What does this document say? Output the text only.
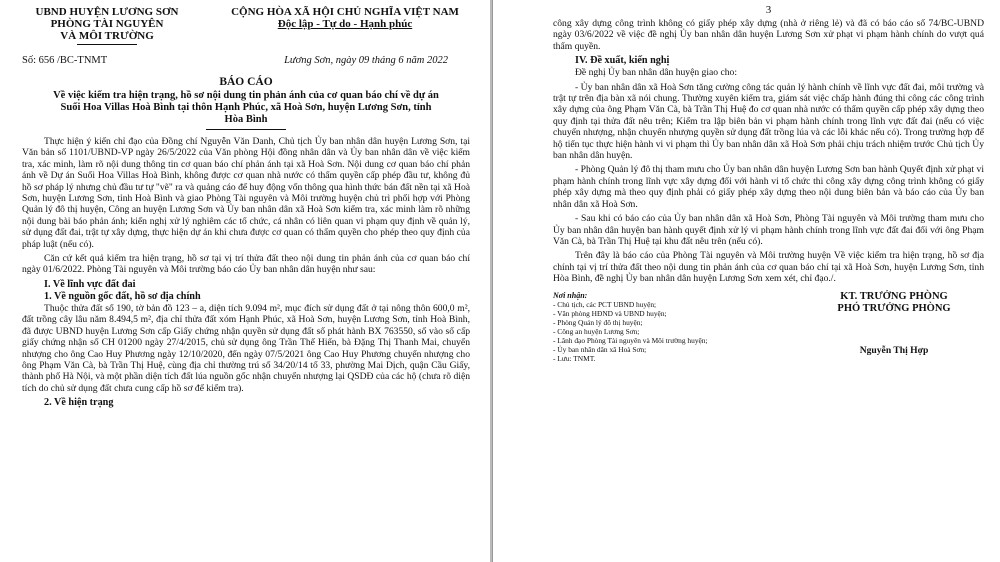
UBND HUYỆN LƯƠNG SƠN
PHÒNG TÀI NGUYÊN
VÀ MÔI TRƯỜNG
CỘNG HÒA XÃ HỘI CHỦ NGHĨA VIỆT NAM
Độc lập - Tự do - Hạnh phúc
Số: 656 /BC-TNMT	Lương Sơn, ngày 09 tháng 6 năm 2022
BÁO CÁO
Về việc kiểm tra hiện trạng, hồ sơ nội dung tin phản ánh của cơ quan báo chí về dự án Suối Hoa Villas Hoà Bình tại thôn Hạnh Phúc, xã Hoà Sơn, huyện Lương Sơn, tỉnh Hòa Bình

Thực hiện ý kiến chỉ đạo của Đồng chí Nguyễn Văn Danh, Chủ tịch Ủy ban nhân dân huyện Lương Sơn, tại Văn bản số 1101/UBND-VP ngày 26/5/2022 của Văn phòng Hội đồng nhân dân và Ủy ban nhân dân về việc kiểm tra, xác minh, làm rõ nội dung thông tin cơ quan báo chí phản ánh tại xã Hoà Sơn. Nội dung cơ quan báo chí phản ánh về Dự án Suối Hoa Villas Hoà Bình, không được cơ quan nhà nước có thẩm quyền cấp phép đầu tư, không đủ hồ sơ pháp lý nhưng chủ đầu tư tự "vẽ" ra và quảng cáo để huy động vốn thông qua hình thức bán đất nền tại xã Hoà Sơn, huyện Lương Sơn, tỉnh Hoà Bình và giao Phòng Tài nguyên và Môi trường huyện chủ trì phối hợp với Phòng Quản lý đô thị huyện, Công an huyện Lương Sơn và Ủy ban nhân dân xã Hoà Sơn kiểm tra, xác minh làm rõ những nội dung bài báo phản ánh; kiến nghị xử lý nghiêm các tổ chức, cá nhân có liên quan vi phạm quy định về quản lý, sử dụng đất đai, trật tự xây dựng, thực hiện dự án khi chưa được cơ quan có thẩm quyền cho phép theo quy định của pháp luật (nếu có).

Căn cứ kết quả kiểm tra hiện trạng, hồ sơ tại vị trí thửa đất theo nội dung tin phản ánh của cơ quan báo chí ngày 01/6/2022. Phòng Tài nguyên và Môi trường báo cáo Ủy ban nhân dân huyện như sau:

I. Về lĩnh vực đất đai
1. Về nguồn gốc đất, hồ sơ địa chính

Thuộc thửa đất số 190, tờ bản đồ 123 – a, diện tích 9.094 m², mục đích sử dụng đất ở tại nông thôn 600,0 m², đất trồng cây lâu năm 8.494,5 m², địa chỉ thửa đất xóm Hạnh Phúc, xã Hoà Sơn, huyện Lương Sơn, tỉnh Hoà Bình, đã được UBND huyện Lương Sơn cấp Giấy chứng nhận quyền sử dụng đất số phát hành BX 763550, số vào sổ cấp giấy chứng nhận số CH 01200 ngày 27/4/2015, chủ sử dụng ông Trần Thế Hiển, bà Đặng Thị Thanh Mai, chuyển nhượng cho ông Cao Huy Phương ngày 12/10/2020, đến ngày 07/5/2021 ông Cao Huy Phương chuyển nhượng cho ông Phạm Văn Cà, bà Trần Thị Huệ, cùng địa chỉ thường trú số 34/20/14 tổ 33, phường Mai Dịch, quận Cầu Giấy, thành phố Hà Nội, và một phần diện tích đất lúa nguồn gốc nhận chuyển nhượng lại QSDĐ của các hộ (chưa rõ diện tích do chủ sử dụng đất chưa cung cấp hồ sơ để kiểm tra).

2. Về hiện trạng
3

công xây dựng công trình không có giấy phép xây dựng (nhà ở riêng lẻ) và đã có báo cáo số 74/BC-UBND ngày 03/6/2022 về việc đề nghị Ủy ban nhân dân huyện Lương Sơn xử phạt vi phạm hành chính do vượt quá thẩm quyền.

IV. Đề xuất, kiến nghị

Đề nghị Ủy ban nhân dân huyện giao cho:

- Ủy ban nhân dân xã Hoà Sơn tăng cường công tác quản lý hành chính về lĩnh vực đất đai, môi trường và trật tự trên địa bàn xã nói chung. Thường xuyên kiểm tra, giám sát việc chấp hành đúng thi công các công trình xây dựng của ông Phạm Văn Cà, bà Trần Thị Huệ đo cơ quan nhà nước có thẩm quyền cấp phép xây dựng theo quy định tại thửa đất nêu trên; Kiểm tra lập biên bản vi phạm hành chính trong lĩnh vực đất đai (nếu có việc chuyển nhượng, nhận chuyển nhượng quyền sử dụng đất trồng lúa và các lỗi khác nếu có). Trong trường hợp để hộ tiến tục thực hiện hành vi vi phạm thì Ủy ban nhân dân xã Hoà Sơn phải chịu trách nhiệm trước Chủ tịch Ủy ban nhân dân huyện.

- Phòng Quản lý đô thị tham mưu cho Ủy ban nhân dân huyện Lương Sơn ban hành Quyết định xử phạt vi phạm hành chính trong lĩnh vực xây dựng đối với hành vi tổ chức thi công xây dựng công trình không có giấy phép xây dựng mà theo quy định phải có giấy phép xây dựng theo nội dung biên bản và báo cáo của Ủy ban nhân dân xã Hoà Sơn.

- Sau khi có báo cáo của Ủy ban nhân dân xã Hoà Sơn, Phòng Tài nguyên và Môi trường tham mưu cho Ủy ban nhân dân huyện ban hành quyết định xử lý vi phạm hành chính trong lĩnh vực đất đai đối với ông Phạm Văn Cà, bà Trần Thị Huệ tại khu đất nêu trên (nếu có).

Trên đây là báo cáo của Phòng Tài nguyên và Môi trường huyện Về việc kiểm tra hiện trạng, hồ sơ địa chính tại vị trí thửa đất theo nội dung tin phản ánh của cơ quan báo chí tại xã Hoà Sơn, huyện Lương Sơn, tỉnh Hòa Bình, đề nghị Ủy ban nhân dân huyện Lương Sơn xem xét, chỉ đạo./.

Nơi nhận:
- Chủ tịch, các PCT UBND huyện;
- Văn phòng HĐND và UBND huyện;
- Phòng Quản lý đô thị huyện;
- Công an huyện Lương Sơn;
- Lãnh đạo Phòng Tài nguyên và Môi trường huyện;
- Ủy ban nhân dân xã Hoà Sơn;
- Lưu: TNMT.
KT. TRƯỞNG PHÒNG
PHÓ TRƯỞNG PHÒNG
Nguyễn Thị Hợp
